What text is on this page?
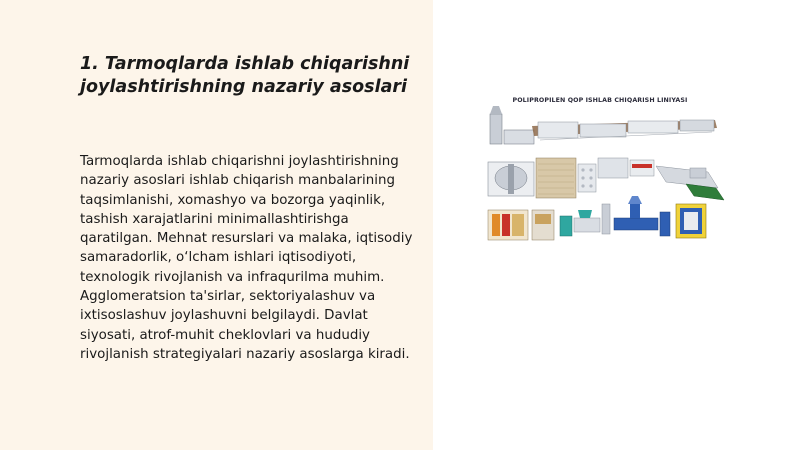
1. Tarmoqlarda ishlab chiqarishni joylashtirishning nazariy asoslari

Tarmoqlarda ishlab chiqarishni joylashtirishning nazariy asoslari ishlab chiqarish manbalarining taqsimlanishi, xomashyo va bozorga yaqinlik, tashish xarajatlarini minimallashtirishga qaratilgan. Mehnat resurslari va malaka, iqtisodiy samaradorlik, o‘lcham ishlari iqtisodiyoti, texnologik rivojlanish va infraqurilma muhim. Agglomeratsion ta'sirlar, sektoriyalashuv va ixtisoslashuv joylashuvni belgilaydi. Davlat siyosati, atrof-muhit cheklovlari va hududiy rivojlanish strategiyalari nazariy asoslarga kiradi.

POLIPROPILEN QOP ISHLAB CHIQARISH LINIYASI
